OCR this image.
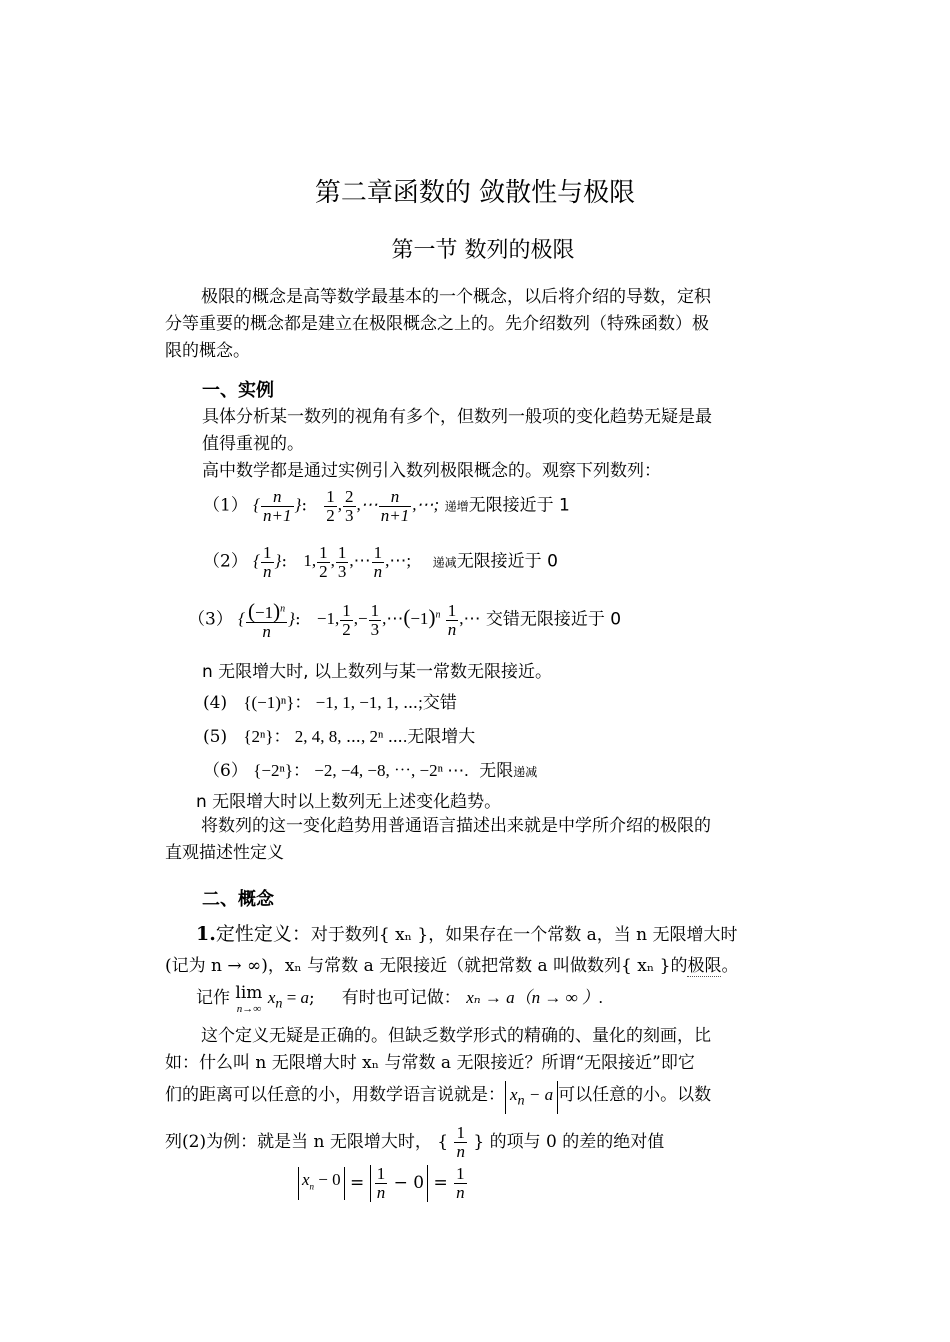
第二章函数的 敛散性与极限
第一节 数列的极限
极限的概念是高等数学最基本的一个概念，以后将介绍的导数，定积
分等重要的概念都是建立在极限概念之上的。先介绍数列（特殊函数）极
限的概念。
一、实例
具体分析某一数列的视角有多个，但数列一般项的变化趋势无疑是最
值得重视的。
高中数学都是通过实例引入数列极限概念的。观察下列数列：
（1） { $\frac{n}{n+1}$ }: $\frac{1}{2}$ , $\frac{2}{3}$ ,⋯ $\frac{n}{n+1}$ ,⋯; 递增无限接近于 1
（2） { $\frac{1}{n}$ }:   1, $\frac{1}{2}$ , $\frac{1}{3}$ ,⋯ $\frac{1}{n}$ ,⋯; 递减无限接近于 0
（3） { $\frac{(-1)^n}{n}$ }:   −1, $\frac{1}{2}$ ,− $\frac{1}{3}$ $,\cdots(-1)^n \frac{1}{n}$ ,⋯ 交错无限接近于 0
n 无限增大时, 以上数列与某一常数无限接近。
(4) {(−1)ⁿ}： −1, 1, −1, 1, ⋯;交错
(5) {2ⁿ}： 2, 4, 8, ⋯, 2ⁿ ⋯.无限增大
（6） {−2ⁿ}： −2, −4, −8, ⋯, −2ⁿ ⋯. 无限递减
n 无限增大时以上数列无上述变化趋势。
将数列的这一变化趋势用普通语言描述出来就是中学所介绍的极限的
直观描述性定义
二、概念
1.定性定义：对于数列{ xₙ }，如果存在一个常数 a，当 n 无限增大时
(记为 n → ∞)，xₙ 与常数 a 无限接近（就把常数 a 叫做数列{ xₙ }的极限。
记作 lim
n→∞
$x_n = a$;     有时也可记做： xₙ → a（n → ∞ ）.
这个定义无疑是正确的。但缺乏数学形式的精确的、量化的刻画，比
如：什么叫 n 无限增大时 xₙ 与常数 a 无限接近？所谓“无限接近”即它
们的距离可以任意的小，用数学语言说就是： $x_n - a$ 可以任意的小。以数
列(2)为例：就是当 n 无限增大时， { $\frac{1}{n}$ } 的项与 0 的差的绝对值
$x_n - 0 = \frac{1}{n} - 0 = \frac{1}{n}$
